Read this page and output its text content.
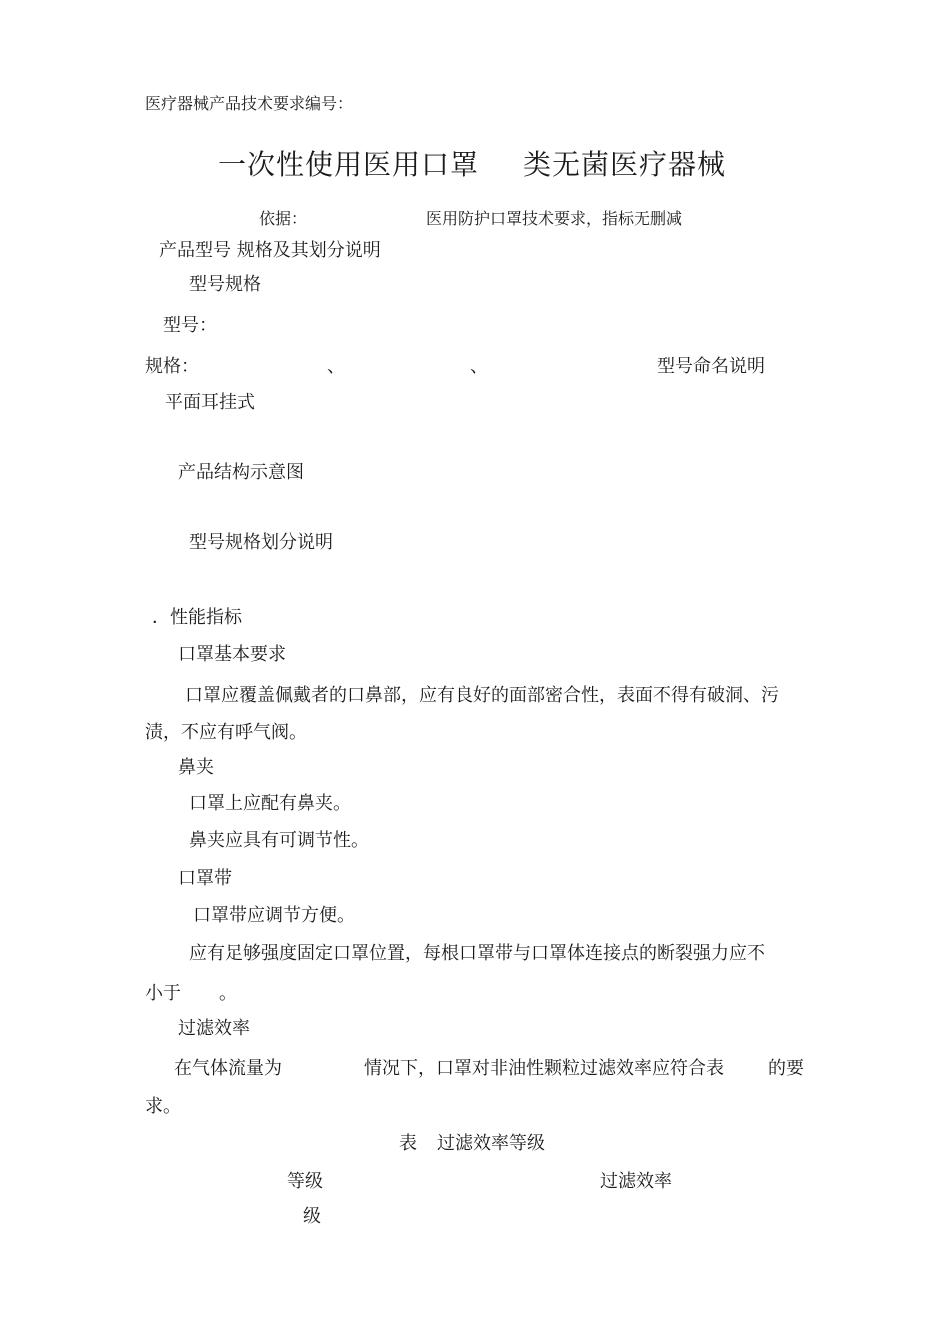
医疗器械产品技术要求编号：
一次性使用医用口罩 类无菌医疗器械
依据：	医用防护口罩技术要求，指标无删减
产品型号 规格及其划分说明
型号规格
型号：
规格：	、	、	型号命名说明
平面耳挂式
产品结构示意图
型号规格划分说明
．性能指标
口罩基本要求
口罩应覆盖佩戴者的口鼻部，应有良好的面部密合性，表面不得有破洞、污
渍，不应有呼气阀。
鼻夹
口罩上应配有鼻夹。
鼻夹应具有可调节性。
口罩带
口罩带应调节方便。
应有足够强度固定口罩位置，每根口罩带与口罩体连接点的断裂强力应不
小于 。
过滤效率
在气体流量为	情况下，口罩对非油性颗粒过滤效率应符合表 的要
求。
表 过滤效率等级
等级	过滤效率
级
